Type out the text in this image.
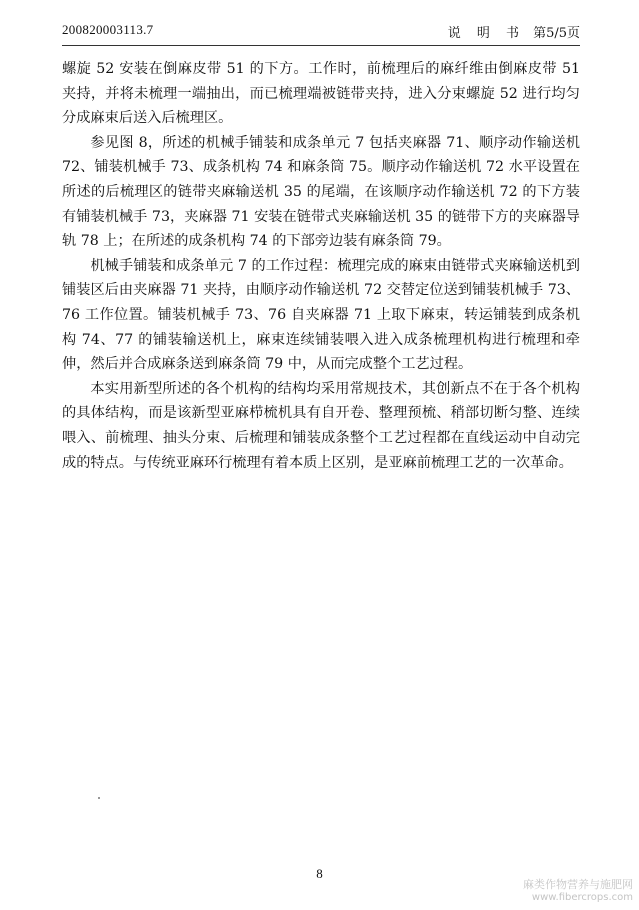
200820003113.7	说 明 书 第5/5页

螺旋 52 安装在倒麻皮带 51 的下方。工作时，前梳理后的麻纤维由倒麻皮带 51 夹持，并将未梳理一端抽出，而已梳理端被链带夹持，进入分束螺旋 52 进行均匀分成麻束后送入后梳理区。

参见图 8，所述的机械手铺装和成条单元 7 包括夹麻器 71、顺序动作输送机 72、铺装机械手 73、成条机构 74 和麻条筒 75。顺序动作输送机 72 水平设置在所述的后梳理区的链带夹麻输送机 35 的尾端，在该顺序动作输送机 72 的下方装有铺装机械手 73，夹麻器 71 安装在链带式夹麻输送机 35 的链带下方的夹麻器导轨 78 上；在所述的成条机构 74 的下部旁边装有麻条筒 79。

机械手铺装和成条单元 7 的工作过程：梳理完成的麻束由链带式夹麻输送机到铺装区后由夹麻器 71 夹持，由顺序动作输送机 72 交替定位送到铺装机械手 73、76 工作位置。铺装机械手 73、76 自夹麻器 71 上取下麻束，转运铺装到成条机构 74、77 的铺装输送机上，麻束连续铺装喂入进入成条梳理机构进行梳理和牵伸，然后并合成麻条送到麻条筒 79 中，从而完成整个工艺过程。

本实用新型所述的各个机构的结构均采用常规技术，其创新点不在于各个机构的具体结构，而是该新型亚麻栉梳机具有自开卷、整理预梳、稍部切断匀整、连续喂入、前梳理、抽头分束、后梳理和铺装成条整个工艺过程都在直线运动中自动完成的特点。与传统亚麻环行梳理有着本质上区别，是亚麻前梳理工艺的一次革命。

8
麻类作物营养与施肥网
www.fibercrops.com
